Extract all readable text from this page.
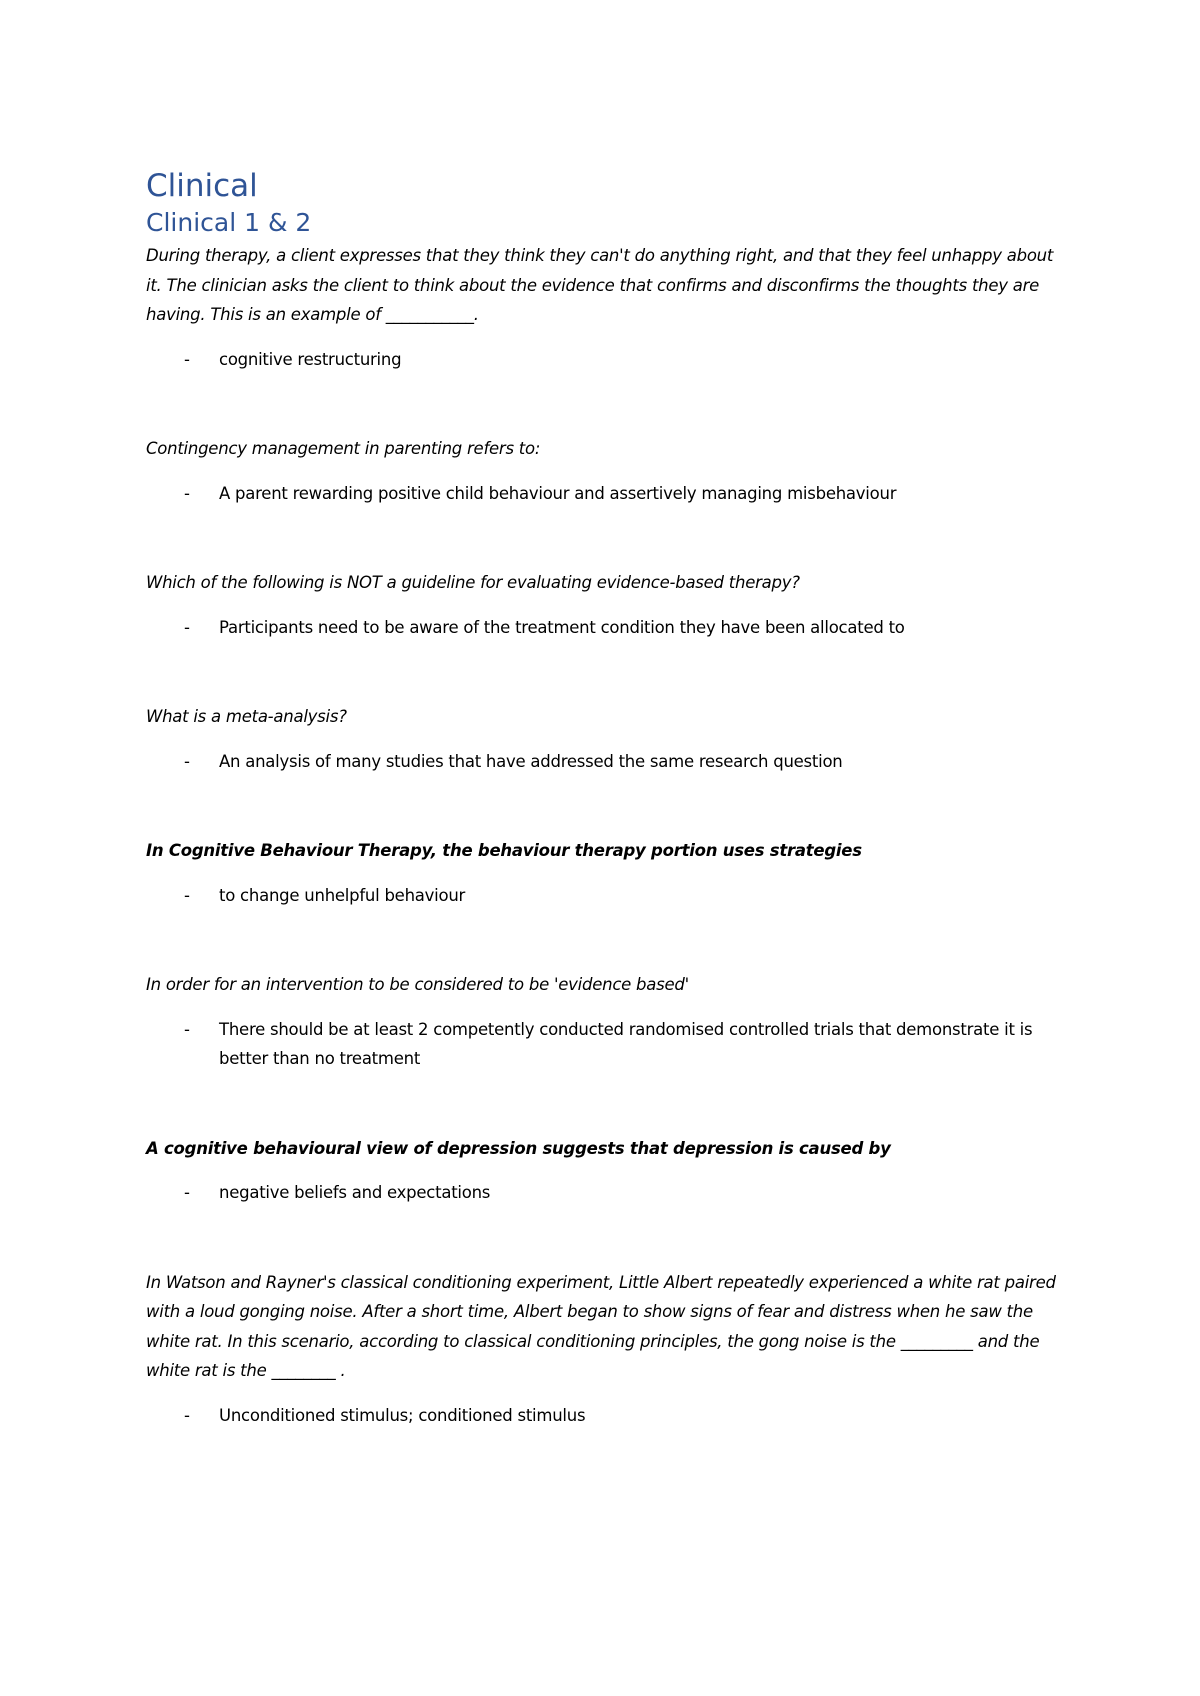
Clinical
Clinical 1 & 2

During therapy, a client expresses that they think they can't do anything right, and that they feel unhappy about it. The clinician asks the client to think about the evidence that confirms and disconfirms the thoughts they are having. This is an example of ___________.

- cognitive restructuring

Contingency management in parenting refers to:

- A parent rewarding positive child behaviour and assertively managing misbehaviour

Which of the following is NOT a guideline for evaluating evidence-based therapy?

- Participants need to be aware of the treatment condition they have been allocated to

What is a meta-analysis?

- An analysis of many studies that have addressed the same research question

In Cognitive Behaviour Therapy, the behaviour therapy portion uses strategies

- to change unhelpful behaviour

In order for an intervention to be considered to be 'evidence based'

- There should be at least 2 competently conducted randomised controlled trials that demonstrate it is better than no treatment

A cognitive behavioural view of depression suggests that depression is caused by

- negative beliefs and expectations

In Watson and Rayner's classical conditioning experiment, Little Albert repeatedly experienced a white rat paired with a loud gonging noise. After a short time, Albert began to show signs of fear and distress when he saw the white rat. In this scenario, according to classical conditioning principles, the gong noise is the _________ and the white rat is the ________ .

- Unconditioned stimulus; conditioned stimulus
